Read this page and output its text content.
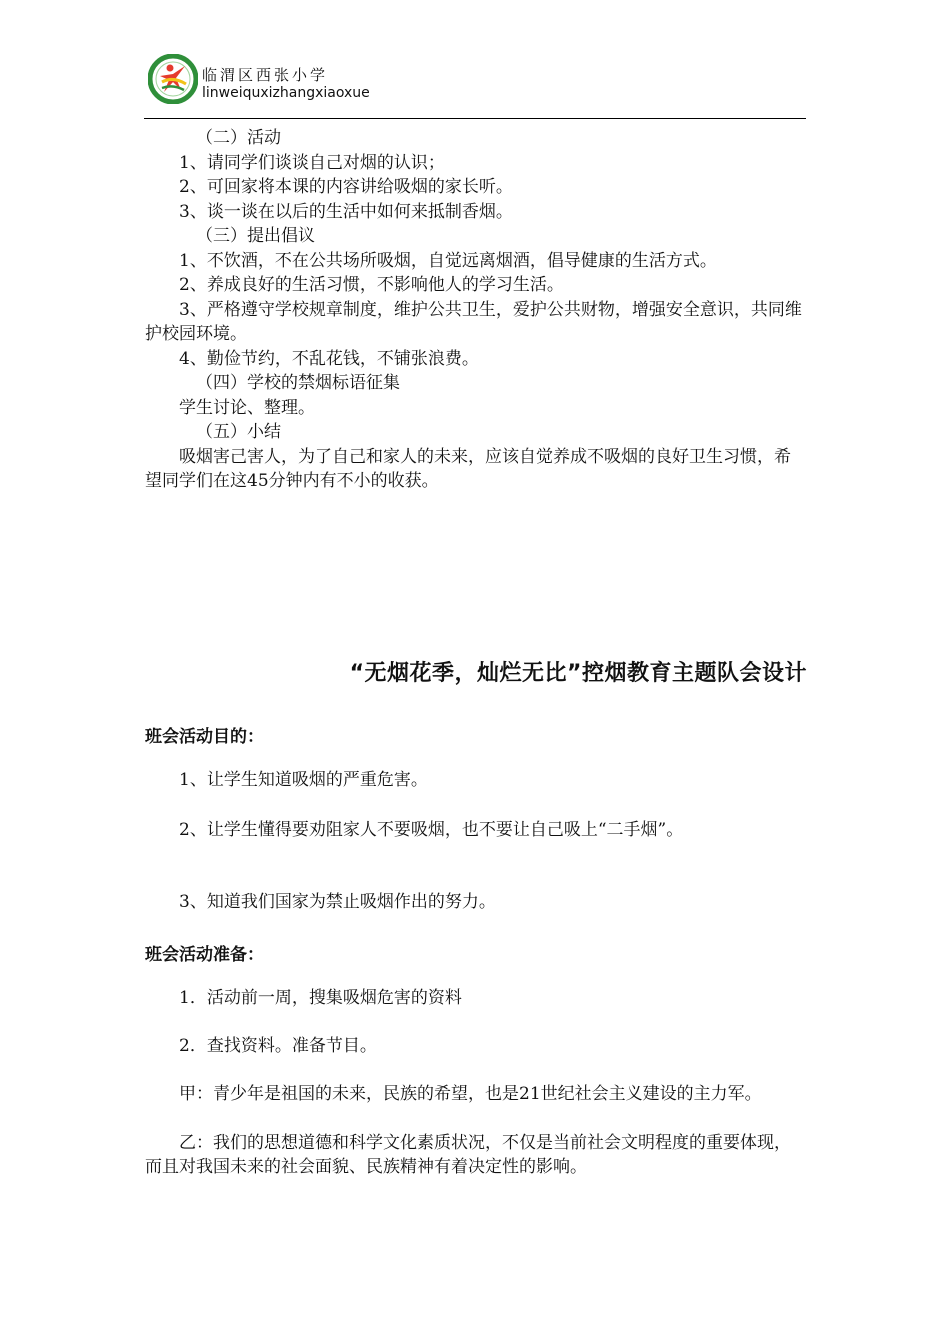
临渭区西张小学
linweiquxizhangxiaoxue

（二）活动

1、请同学们谈谈自己对烟的认识；

2、可回家将本课的内容讲给吸烟的家长听。

3、谈一谈在以后的生活中如何来抵制香烟。

（三）提出倡议

1、不饮酒，不在公共场所吸烟，自觉远离烟酒，倡导健康的生活方式。

2、养成良好的生活习惯，不影响他人的学习生活。

3、严格遵守学校规章制度，维护公共卫生，爱护公共财物，增强安全意识，共同维护校园环境。

4、勤俭节约，不乱花钱，不铺张浪费。

（四）学校的禁烟标语征集

学生讨论、整理。

（五）小结

吸烟害己害人，为了自己和家人的未来，应该自觉养成不吸烟的良好卫生习惯，希望同学们在这45分钟内有不小的收获。

“无烟花季，灿烂无比”控烟教育主题队会设计
班会活动目的：

1、让学生知道吸烟的严重危害。

2、让学生懂得要劝阻家人不要吸烟，也不要让自己吸上“二手烟”。

3、知道我们国家为禁止吸烟作出的努力。

班会活动准备：

1．活动前一周，搜集吸烟危害的资料

2．查找资料。准备节目。

甲：青少年是祖国的未来，民族的希望，也是21世纪社会主义建设的主力军。

乙：我们的思想道德和科学文化素质状况，不仅是当前社会文明程度的重要体现，而且对我国未来的社会面貌、民族精神有着决定性的影响。
